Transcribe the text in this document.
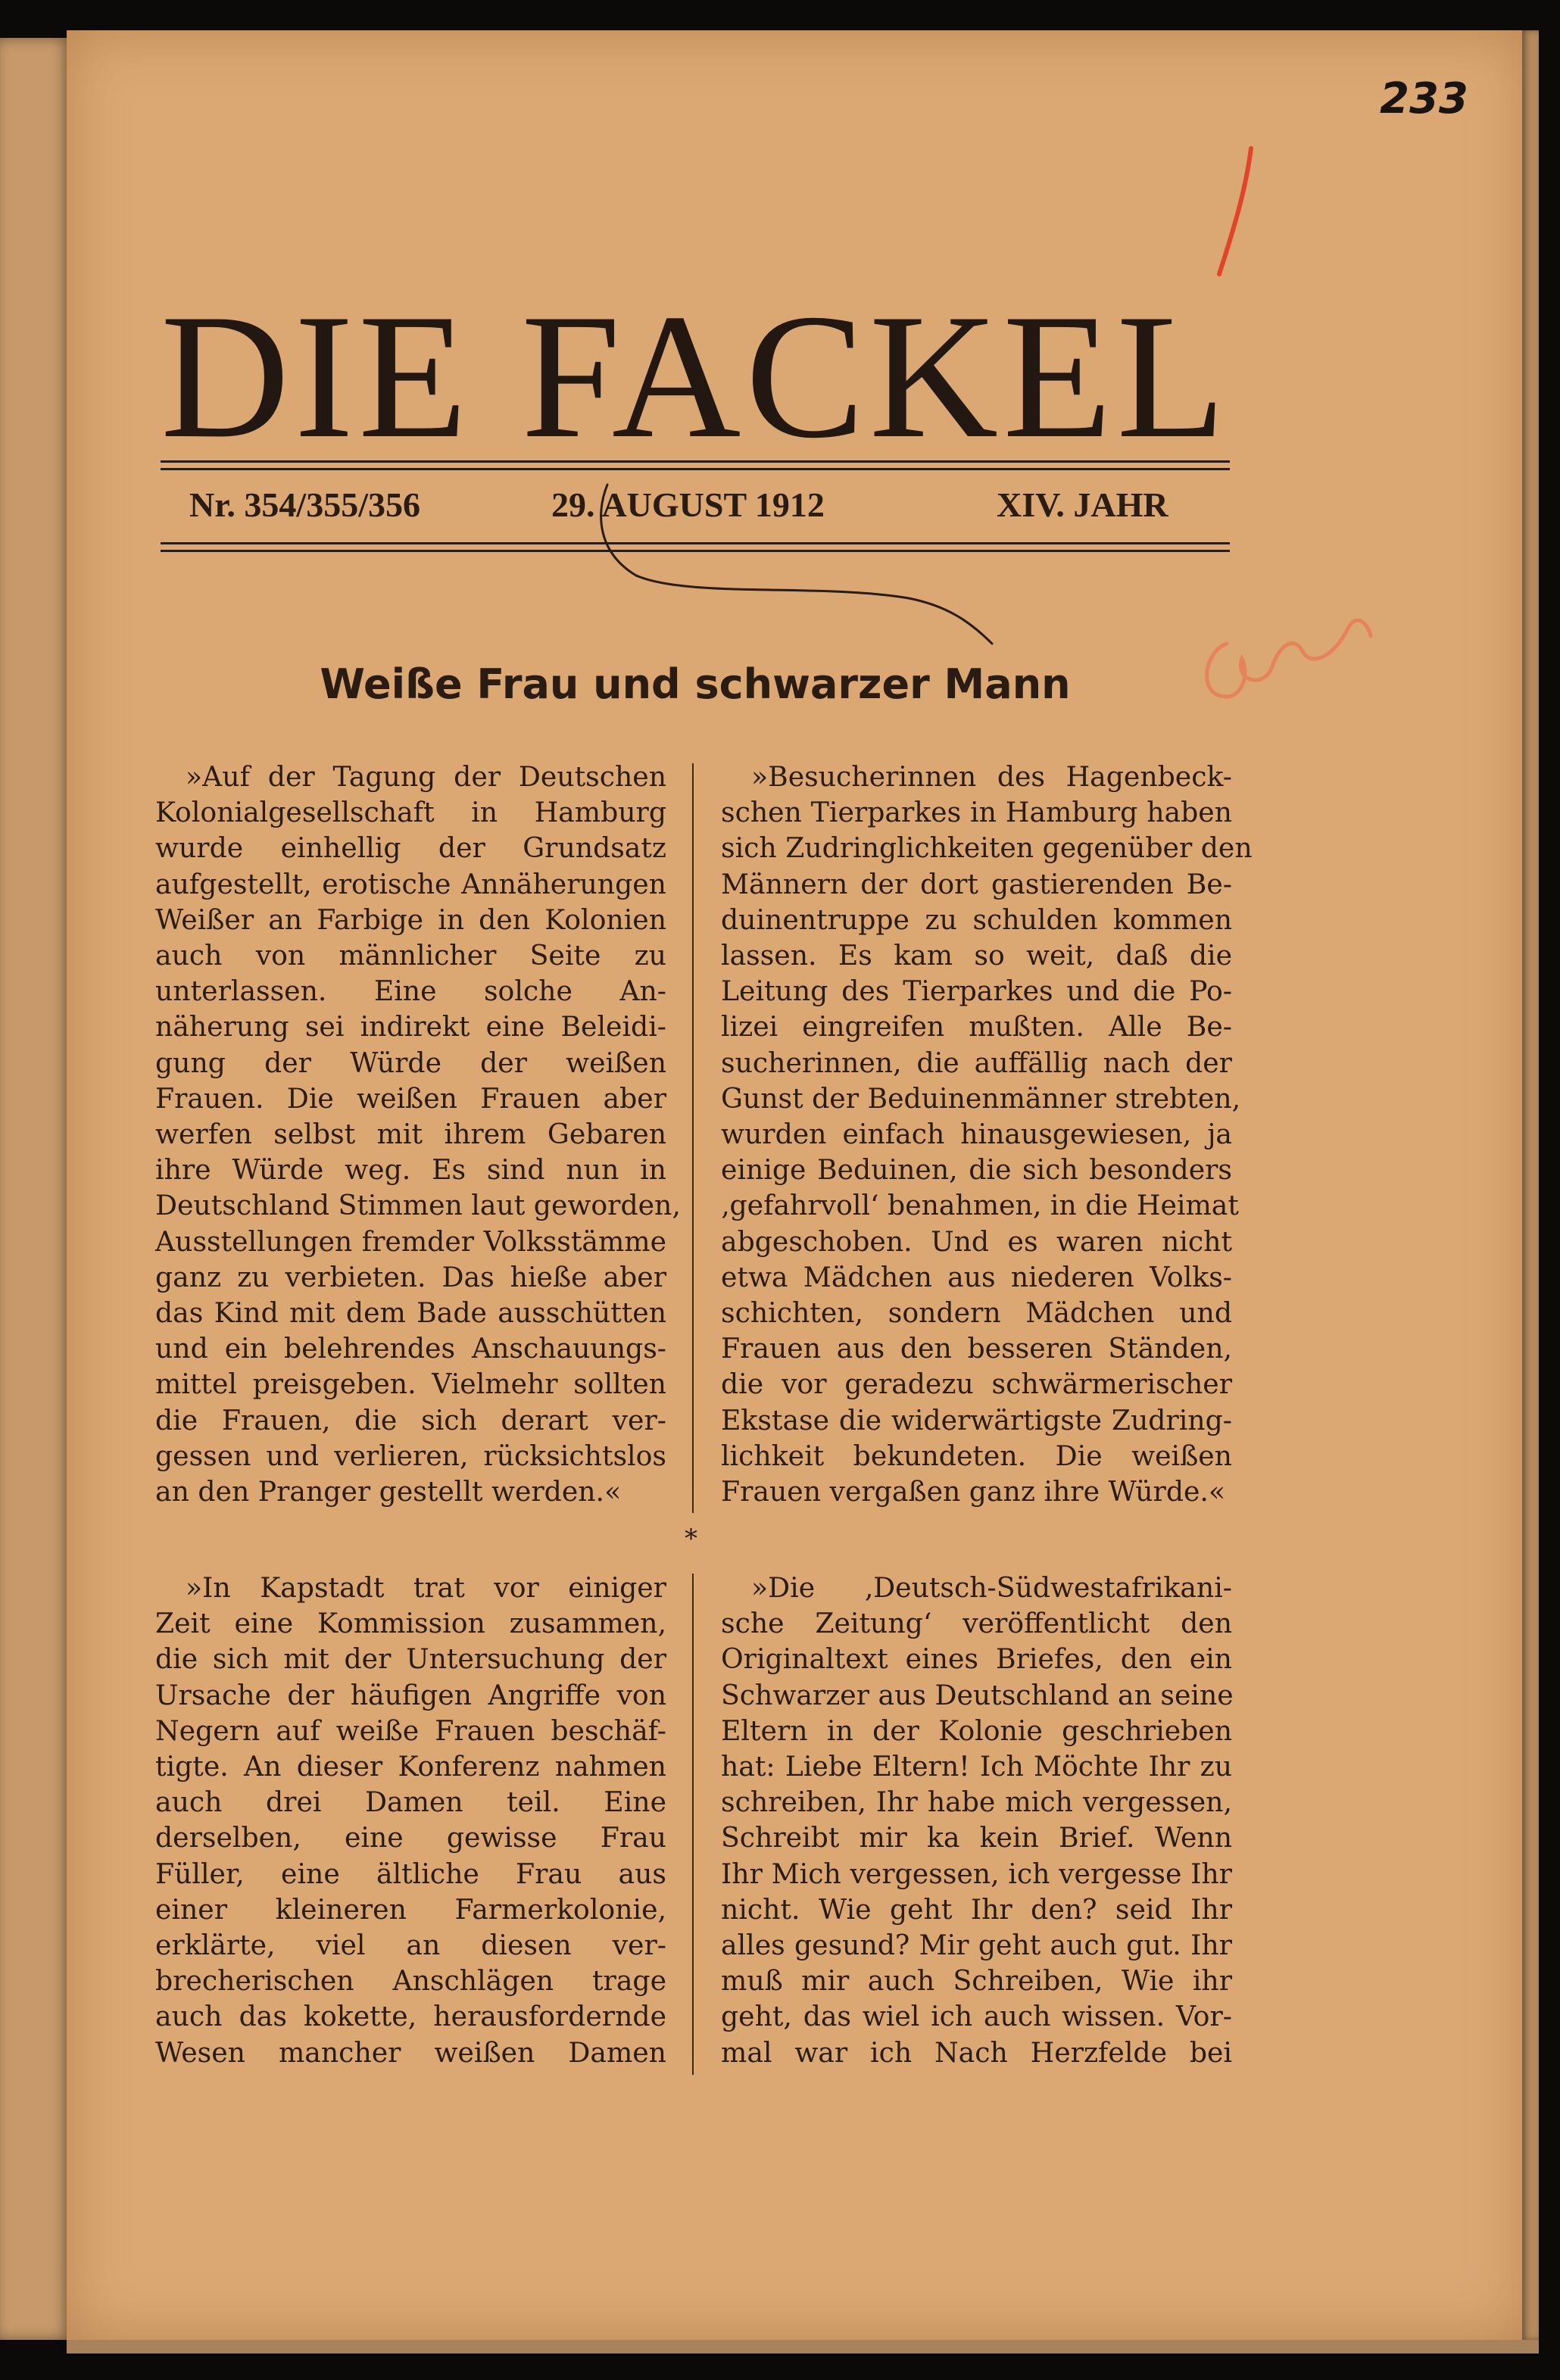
233
DIE FACKEL
Nr. 354/355/356	29. AUGUST 1912	XIV. JAHR
Weiße Frau und schwarzer Mann
»Auf der Tagung der Deutschen
Kolonialgesellschaft in Hamburg
wurde einhellig der Grundsatz
aufgestellt, erotische Annäherungen
Weißer an Farbige in den Kolonien
auch von männlicher Seite zu
unterlassen. Eine solche An-
näherung sei indirekt eine Beleidi-
gung der Würde der weißen
Frauen. Die weißen Frauen aber
werfen selbst mit ihrem Gebaren
ihre Würde weg. Es sind nun in
Deutschland Stimmen laut geworden,
Ausstellungen fremder Volksstämme
ganz zu verbieten. Das hieße aber
das Kind mit dem Bade ausschütten
und ein belehrendes Anschauungs-
mittel preisgeben. Vielmehr sollten
die Frauen, die sich derart ver-
gessen und verlieren, rücksichtslos
an den Pranger gestellt werden.«
»Besucherinnen des Hagenbeck-
schen Tierparkes in Hamburg haben
sich Zudringlichkeiten gegenüber den
Männern der dort gastierenden Be-
duinentruppe zu schulden kommen
lassen. Es kam so weit, daß die
Leitung des Tierparkes und die Po-
lizei eingreifen mußten. Alle Be-
sucherinnen, die auffällig nach der
Gunst der Beduinenmänner strebten,
wurden einfach hinausgewiesen, ja
einige Beduinen, die sich besonders
‚gefahrvoll‘ benahmen, in die Heimat
abgeschoben. Und es waren nicht
etwa Mädchen aus niederen Volks-
schichten, sondern Mädchen und
Frauen aus den besseren Ständen,
die vor geradezu schwärmerischer
Ekstase die widerwärtigste Zudring-
lichkeit bekundeten. Die weißen
Frauen vergaßen ganz ihre Würde.«
*
»In Kapstadt trat vor einiger
Zeit eine Kommission zusammen,
die sich mit der Untersuchung der
Ursache der häufigen Angriffe von
Negern auf weiße Frauen beschäf-
tigte. An dieser Konferenz nahmen
auch drei Damen teil. Eine
derselben, eine gewisse Frau
Füller, eine ältliche Frau aus
einer kleineren Farmerkolonie,
erklärte, viel an diesen ver-
brecherischen Anschlägen trage
auch das kokette, herausfordernde
Wesen mancher weißen Damen
»Die ‚Deutsch-Südwestafrikani-
sche Zeitung‘ veröffentlicht den
Originaltext eines Briefes, den ein
Schwarzer aus Deutschland an seine
Eltern in der Kolonie geschrieben
hat: Liebe Eltern! Ich Möchte Ihr zu
schreiben, Ihr habe mich vergessen,
Schreibt mir ka kein Brief. Wenn
Ihr Mich vergessen, ich vergesse Ihr
nicht. Wie geht Ihr den? seid Ihr
alles gesund? Mir geht auch gut. Ihr
muß mir auch Schreiben, Wie ihr
geht, das wiel ich auch wissen. Vor-
mal war ich Nach Herzfelde bei
